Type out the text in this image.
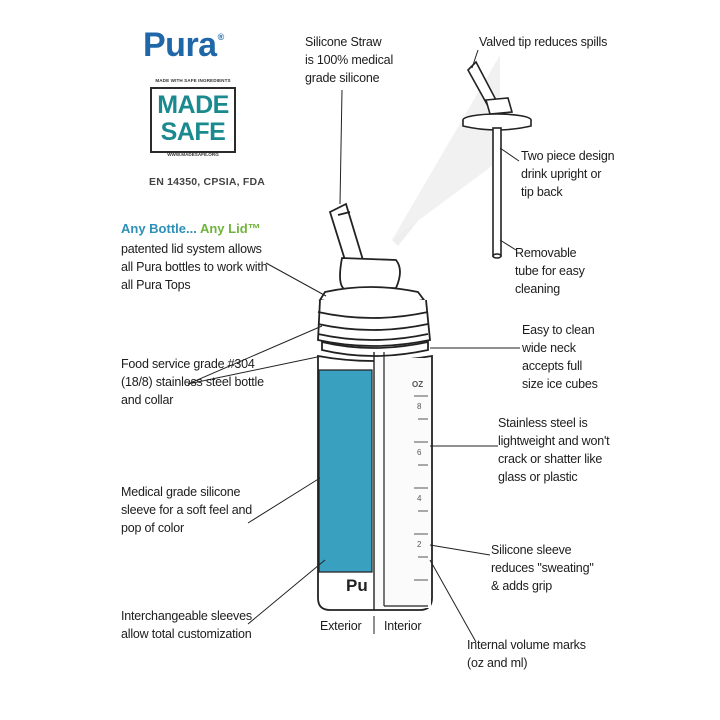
OZ
8
6
4
2
Pu
Pura®
MADE WITH SAFE INGREDIENTS
MADE
SAFE
WWW.MADESAFE.ORG
EN 14350, CPSIA, FDA
Any Bottle... Any Lid™
patented lid system allows
all Pura bottles to work with
all Pura Tops
Silicone Straw
is 100% medical
grade silicone
Valved tip reduces spills
Two piece design
drink upright or
tip back
Removable
tube for easy
cleaning
Easy to clean
wide neck
accepts full
size ice cubes
Stainless steel is
lightweight and won't
crack or shatter like
glass or plastic
Food service grade #304
(18/8) stainless steel bottle
and collar
Medical grade silicone
sleeve for a soft feel and
pop of color
Silicone sleeve
reduces "sweating"
& adds grip
Interchangeable sleeves
allow total customization
Internal volume marks
(oz and ml)
Exterior Interior
